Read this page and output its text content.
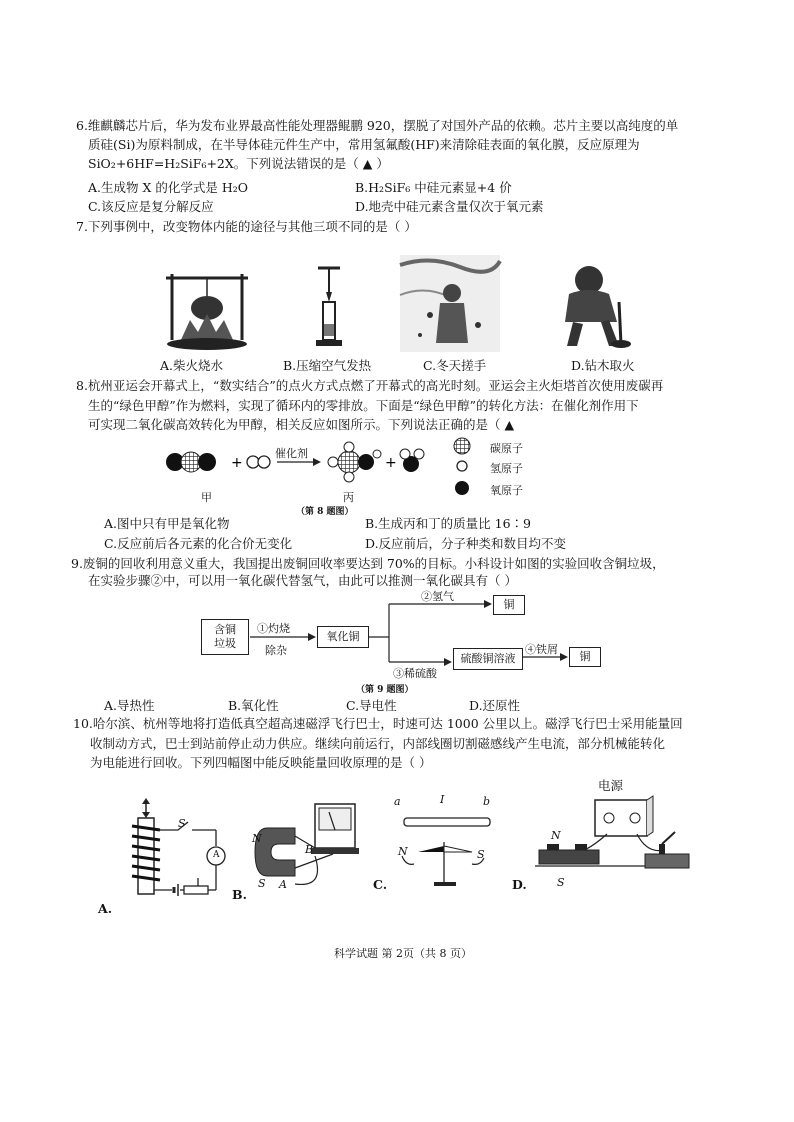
6.维麒麟芯片后，华为发布业界最高性能处理器鲲鹏 920，摆脱了对国外产品的依赖。芯片主要以高纯度的单
质硅(Si)为原料制成，在半导体硅元件生产中，常用氢氟酸(HF)来清除硅表面的氧化膜，反应原理为
SiO₂+6HF=H₂SiF₆+2X。下列说法错误的是（ ▲ ）
A.生成物 X 的化学式是 H₂O	B.H₂SiF₆ 中硅元素显+4 价
C.该反应是复分解反应	D.地壳中硅元素含量仅次于氧元素
7.下列事例中，改变物体内能的途径与其他三项不同的是（ ）
A.柴火烧水	B.压缩空气发热	C.冬天搓手	D.钻木取火
8.杭州亚运会开幕式上，“数实结合”的点火方式点燃了开幕式的高光时刻。亚运会主火炬塔首次使用废碳再
生的“绿色甲醇”作为燃料，实现了循环内的零排放。下面是“绿色甲醇”的转化方法：在催化剂作用下
可实现二氧化碳高效转化为甲醇，相关反应如图所示。下列说法正确的是（ ▲
+	+
催化剂
甲	丙
（第 8 题图）
碳原子
氢原子
氧原子
A.图中只有甲是氧化物	B.生成丙和丁的质量比 16∶9
C.反应前后各元素的化合价无变化	D.反应前后，分子种类和数目均不变
9.废铜的回收利用意义重大，我国提出废铜回收率要达到 70%的目标。小科设计如图的实验回收含铜垃圾，
在实验步骤②中，可以用一氧化碳代替氢气，由此可以推测一氧化碳具有（ ）
含铜
垃圾
①灼烧
除杂
氧化铜
②氢气
铜
③稀硫酸
硫酸铜溶液
④铁屑
铜
（第 9 题图）
A.导热性	B.氧化性	C.导电性	D.还原性
10.哈尔滨、杭州等地将打造低真空超高速磁浮飞行巴士，时速可达 1000 公里以上。磁浮飞行巴士采用能量回
收制动方式，巴士到站前停止动力供应。继续向前运行，内部线圈切割磁感线产生电流，部分机械能转化
为电能进行回收。下列四幅图中能反映能量回收原理的是（ ）
S
A
A.
N
S
B
A
B.
a	I	b
N	S
C.
电源
N
S
D.
科学试题 第 2页（共 8 页）
